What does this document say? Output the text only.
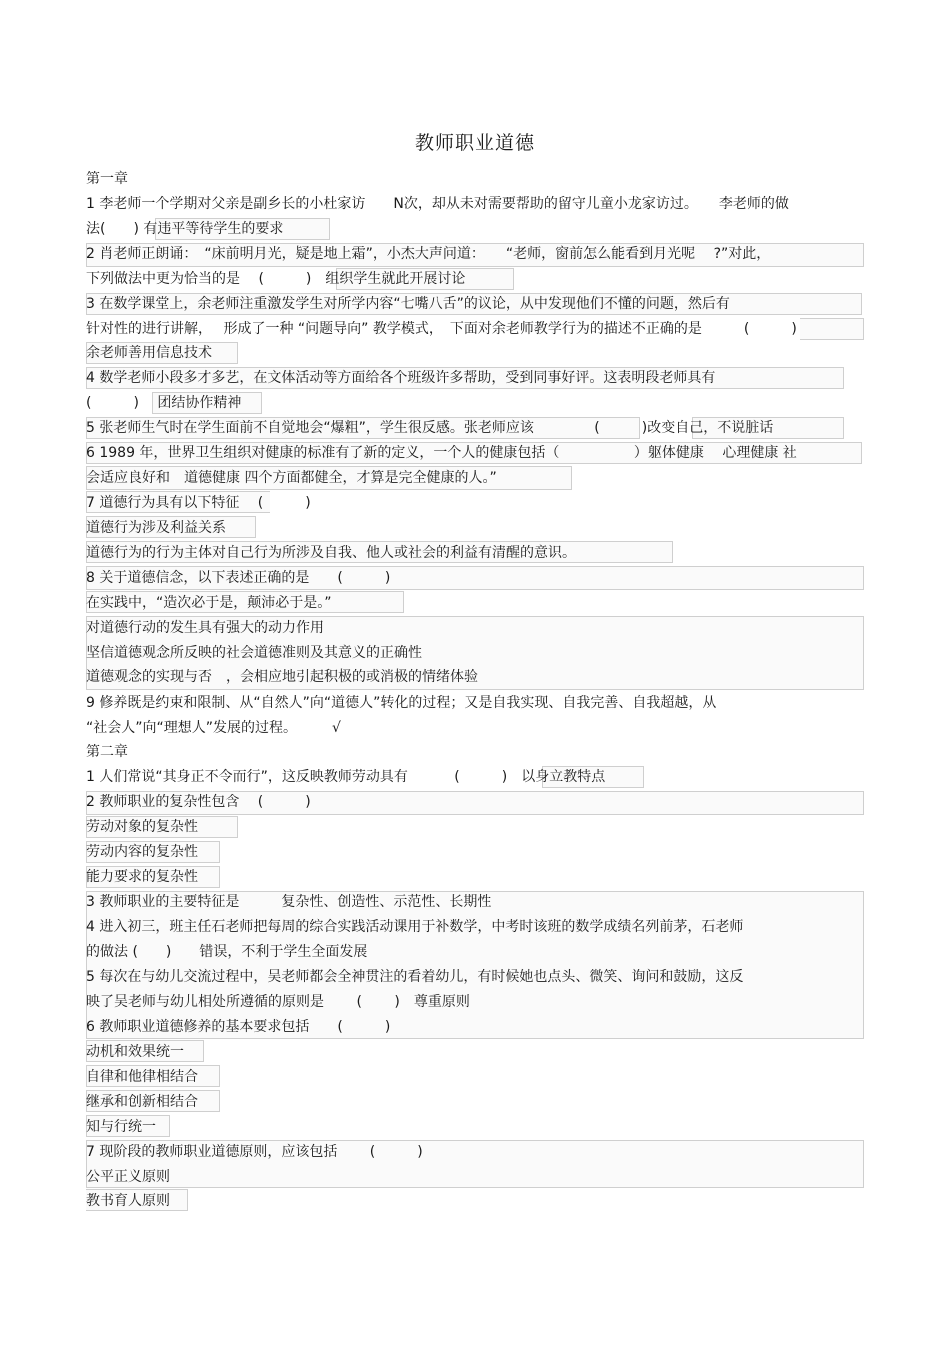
教师职业道德
第一章
1 李老师一个学期对父亲是副乡长的小杜家访　　N次，却从未对需要帮助的留守儿童小龙家访过。　　李老师的做
法(　　) 有违平等待学生的要求
2 肖老师正朗诵：　“床前明月光，疑是地上霜”，小杰大声问道：　　“老师，窗前怎么能看到月光呢　 ?”对此，
下列做法中更为恰当的是　 (　　　)　组织学生就此开展讨论
3 在数学课堂上，余老师注重激发学生对所学内容“七嘴八舌”的议论，从中发现他们不懂的问题，然后有
针对性的进行讲解，　 形成了一种 “问题导向” 教学模式，　下面对余老师教学行为的描述不正确的是　　　(　　　)
余老师善用信息技术
4 数学老师小段多才多艺，在文体活动等方面给各个班级许多帮助，受到同事好评。这表明段老师具有
(　　　)　 团结协作精神
5 张老师生气时在学生面前不自觉地会“爆粗”，学生很反感。张老师应该　　　　 (　　　)改变自己，不说脏话
6 1989 年，世界卫生组织对健康的标准有了新的定义，一个人的健康包括（　　　　　 ）躯体健康　 心理健康 社
会适应良好和　道德健康 四个方面都健全，才算是完全健康的人。”
7 道德行为具有以下特征　 (　　　)
道德行为涉及利益关系
道德行为的行为主体对自己行为所涉及自我、他人或社会的利益有清醒的意识。
8 关于道德信念，以下表述正确的是　　(　　　)
在实践中，“造次必于是，颠沛必于是。”
对道德行动的发生具有强大的动力作用
坚信道德观念所反映的社会道德准则及其意义的正确性
道德观念的实现与否　，会相应地引起积极的或消极的情绪体验
9 修养既是约束和限制、从“自然人”向“道德人”转化的过程；又是自我实现、自我完善、自我超越，从
“社会人”向“理想人”发展的过程。　　　√
第二章
1 人们常说“其身正不令而行”，这反映教师劳动具有　　　 (　　　)　以身立教特点
2 教师职业的复杂性包含　 (　　　)
劳动对象的复杂性
劳动内容的复杂性
能力要求的复杂性
3 教师职业的主要特征是　　　复杂性、创造性、示范性、长期性
4 进入初三，班主任石老师把每周的综合实践活动课用于补数学，中考时该班的数学成绩名列前茅，石老师
的做法 (　　)　　错误，不利于学生全面发展
5 每次在与幼儿交流过程中，吴老师都会全神贯注的看着幼儿，有时候她也点头、微笑、询问和鼓励，这反
映了吴老师与幼儿相处所遵循的原则是　　 (　　 )　尊重原则
6 教师职业道德修养的基本要求包括　　(　　　)
动机和效果统一
自律和他律相结合
继承和创新相结合
知与行统一
7 现阶段的教师职业道德原则，应该包括　　 (　　　)
公平正义原则
教书育人原则
